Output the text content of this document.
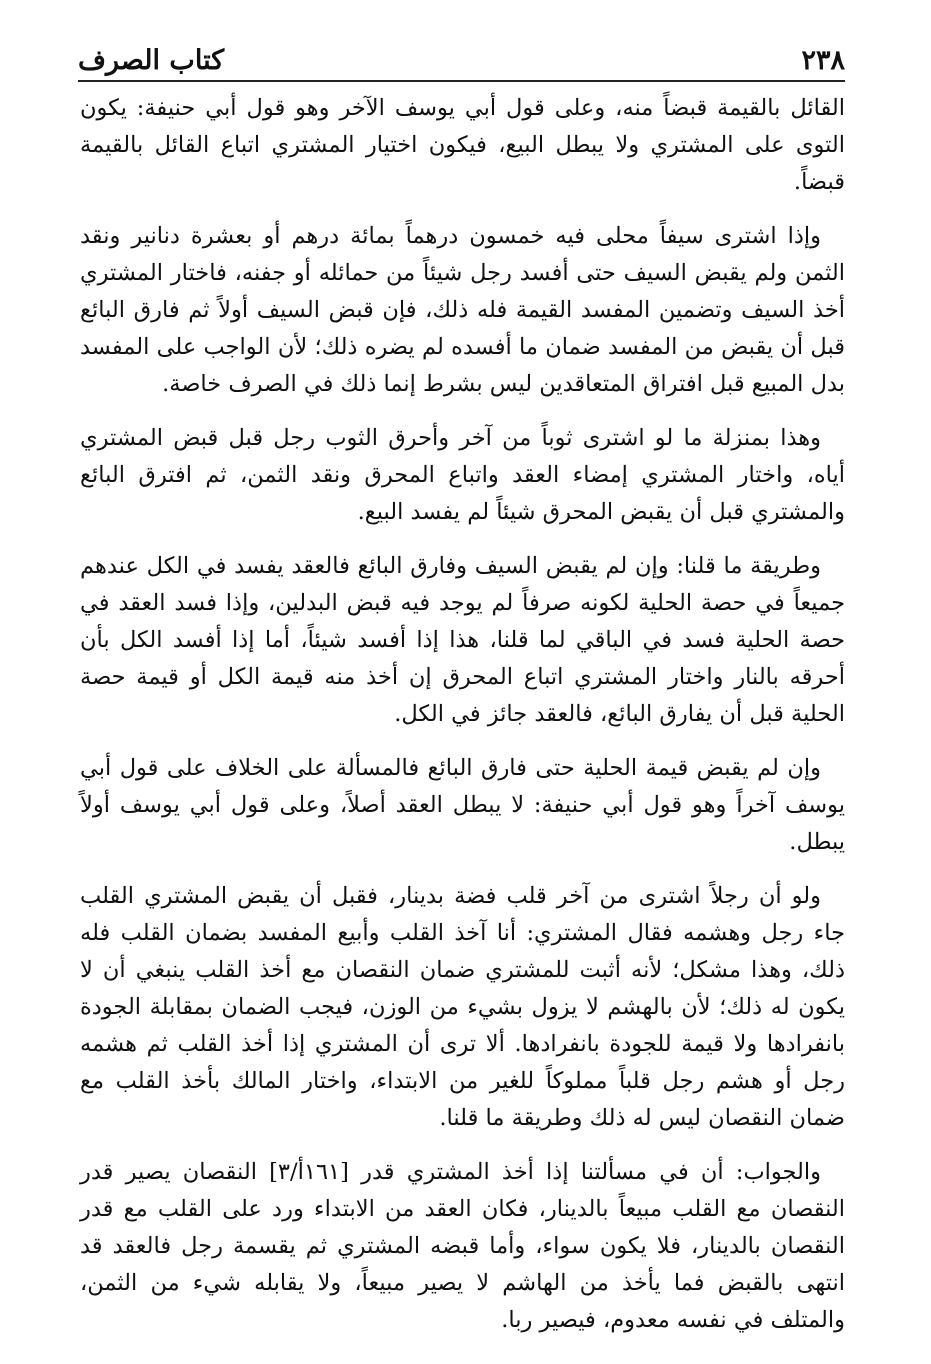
٢٣٨
كتاب الصرف

القائل بالقيمة قبضاً منه، وعلى قول أبي يوسف الآخر وهو قول أبي حنيفة: يكون التوى على المشتري ولا يبطل البيع، فيكون اختيار المشتري اتباع القائل بالقيمة قبضاً.

وإذا اشترى سيفاً محلى فيه خمسون درهماً بمائة درهم أو بعشرة دنانير ونقد الثمن ولم يقبض السيف حتى أفسد رجل شيئاً من حمائله أو جفنه، فاختار المشتري أخذ السيف وتضمين المفسد القيمة فله ذلك، فإن قبض السيف أولاً ثم فارق البائع قبل أن يقبض من المفسد ضمان ما أفسده لم يضره ذلك؛ لأن الواجب على المفسد بدل المبيع قبل افتراق المتعاقدين ليس بشرط إنما ذلك في الصرف خاصة.

وهذا بمنزلة ما لو اشترى ثوباً من آخر وأحرق الثوب رجل قبل قبض المشتري أياه، واختار المشتري إمضاء العقد واتباع المحرق ونقد الثمن، ثم افترق البائع والمشتري قبل أن يقبض المحرق شيئاً لم يفسد البيع.

وطريقة ما قلنا: وإن لم يقبض السيف وفارق البائع فالعقد يفسد في الكل عندهم جميعاً في حصة الحلية لكونه صرفاً لم يوجد فيه قبض البدلين، وإذا فسد العقد في حصة الحلية فسد في الباقي لما قلنا، هذا إذا أفسد شيئاً، أما إذا أفسد الكل بأن أحرقه بالنار واختار المشتري اتباع المحرق إن أخذ منه قيمة الكل أو قيمة حصة الحلية قبل أن يفارق البائع، فالعقد جائز في الكل.

وإن لم يقبض قيمة الحلية حتى فارق البائع فالمسألة على الخلاف على قول أبي يوسف آخراً وهو قول أبي حنيفة: لا يبطل العقد أصلاً، وعلى قول أبي يوسف أولاً يبطل.

ولو أن رجلاً اشترى من آخر قلب فضة بدينار، فقبل أن يقبض المشتري القلب جاء رجل وهشمه فقال المشتري: أنا آخذ القلب وأبيع المفسد بضمان القلب فله ذلك، وهذا مشكل؛ لأنه أثبت للمشتري ضمان النقصان مع أخذ القلب ينبغي أن لا يكون له ذلك؛ لأن بالهشم لا يزول بشيء من الوزن، فيجب الضمان بمقابلة الجودة بانفرادها ولا قيمة للجودة بانفرادها. ألا ترى أن المشتري إذا أخذ القلب ثم هشمه رجل أو هشم رجل قلباً مملوكاً للغير من الابتداء، واختار المالك بأخذ القلب مع ضمان النقصان ليس له ذلك وطريقة ما قلنا.

والجواب: أن في مسألتنا إذا أخذ المشتري قدر [١٦١أ/٣] النقصان يصير قدر النقصان مع القلب مبيعاً بالدينار، فكان العقد من الابتداء ورد على القلب مع قدر النقصان بالدينار، فلا يكون سواء، وأما قبضه المشتري ثم يقسمة رجل فالعقد قد انتهى بالقبض فما يأخذ من الهاشم لا يصير مبيعاً، ولا يقابله شيء من الثمن، والمتلف في نفسه معدوم، فيصير ربا.
